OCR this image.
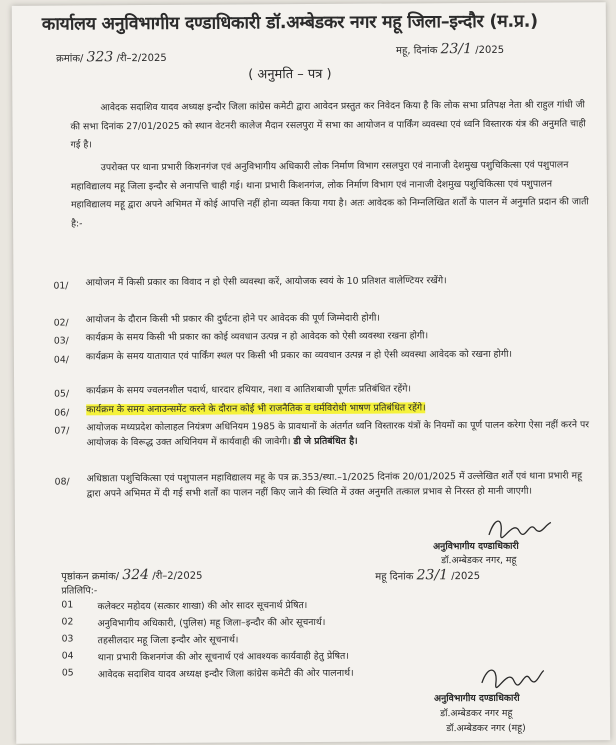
कार्यालय अनुविभागीय दण्डाधिकारी डॉ.अम्बेडकर नगर महू जिला–इन्दौर (म.प्र.)
क्रमांक/ 323 /री–2/2025
महू, दिनांक 23/1 /2025
( अनुमति – पत्र )
आवेदक सदाशिव यादव अध्यक्ष इन्दौर जिला कांग्रेस कमेटी द्वारा आवेदन प्रस्तुत कर निवेदन किया है कि लोक सभा प्रतिपक्ष नेता श्री राहुल गांधी जी की सभा दिनांक 27/01/2025 को स्थान वेटनरी कालेज मैदान रसलपुरा में सभा का आयोजन व पार्किंग व्यवस्था एवं ध्वनि विस्तारक यंत्र की अनुमति चाही गई है।
उपरोक्त पर थाना प्रभारी किशनगंज एवं अनुविभागीय अधिकारी लोक निर्माण विभाग रसलपुरा एवं नानाजी देशमुख पशुचिकित्सा एवं पशुपालन महाविद्यालय महू जिला इन्दौर से अनापत्ति चाही गई। थाना प्रभारी किशनगंज, लोक निर्माण विभाग एवं नानाजी देशमुख पशुचिकित्सा एवं पशुपालन महाविद्यालय महू द्वारा अपने अभिमत में कोई आपत्ति नहीं होना व्यक्त किया गया है। अतः आवेदक को निम्नलिखित शर्तों के पालन में अनुमति प्रदान की जाती है:-
01/ आयोजन में किसी प्रकार का विवाद न हो ऐसी व्यवस्था करें, आयोजक स्वयं के 10 प्रतिशत वालेण्टियर रखेंगे।
02/ आयोजन के दौरान किसी भी प्रकार की दुर्घटना होने पर आवेदक की पूर्ण जिम्मेदारी होगी।
03/ कार्यक्रम के समय किसी भी प्रकार का कोई व्यवधान उत्पन्न न हो आवेदक को ऐसी व्यवस्था रखना होगी।
04/ कार्यक्रम के समय यातायात एवं पार्किंग स्थल पर किसी भी प्रकार का व्यवधान उत्पन्न न हो ऐसी व्यवस्था आवेदक को रखना होगी।
05/ कार्यक्रम के समय ज्वलनशील पदार्थ, धारदार हथियार, नशा व आतिशबाजी पूर्णतः प्रतिबंधित रहेंगे।
06/ कार्यक्रम के समय अनाउन्समेंट करने के दौरान कोई भी राजनैतिक व धर्मविरोधी भाषण प्रतिबंधित रहेंगे।
07/ आयोजक मध्यप्रदेश कोलाहल नियंत्रण अधिनियम 1985 के प्रावधानों के अंतर्गत ध्वनि विस्तारक यंत्रों के नियमों का पूर्ण पालन करेगा ऐसा नहीं करने पर आयोजक के विरूद्ध उक्त अधिनियम में कार्यवाही की जावेगी। डी जे प्रतिबंधित है।
08/ अधिष्ठाता पशुचिकित्सा एवं पशुपालन महाविद्यालय महू के पत्र क्र.353/स्था.–1/2025 दिनांक 20/01/2025 में उल्लेखित शर्तें एवं थाना प्रभारी महू द्वारा अपने अभिमत में दी गई सभी शर्तों का पालन नहीं किए जाने की स्थिति में उक्त अनुमति तत्काल प्रभाव से निरस्त हो मानी जाएगी।
अनुविभागीय दण्डाधिकारी
डॉ.अम्बेडकर नगर, महू
पृष्ठांकन क्रमांक/ 324 /री–2/2025	महू दिनांक 23/1 /2025
प्रतिलिपि:-
01	कलेक्टर महोदय (सत्कार शाखा) की ओर सादर सूचनार्थ प्रेषित।
02	अनुविभागीय अधिकारी, (पुलिस) महू जिला–इन्दौर की ओर सूचनार्थ।
03	तहसीलदार महू जिला इन्दौर ओर सूचनार्थ।
04	थाना प्रभारी किशनगंज की ओर सूचनार्थ एवं आवश्यक कार्यवाही हेतु प्रेषित।
05	आवेदक सदाशिव यादव अध्यक्ष इन्दौर जिला कांग्रेस कमेटी की ओर पालनार्थ।
अनुविभागीय दण्डाधिकारी
डॉ.अम्बेडकर नगर महू
डॉ.अम्बेडकर नगर (महू)
